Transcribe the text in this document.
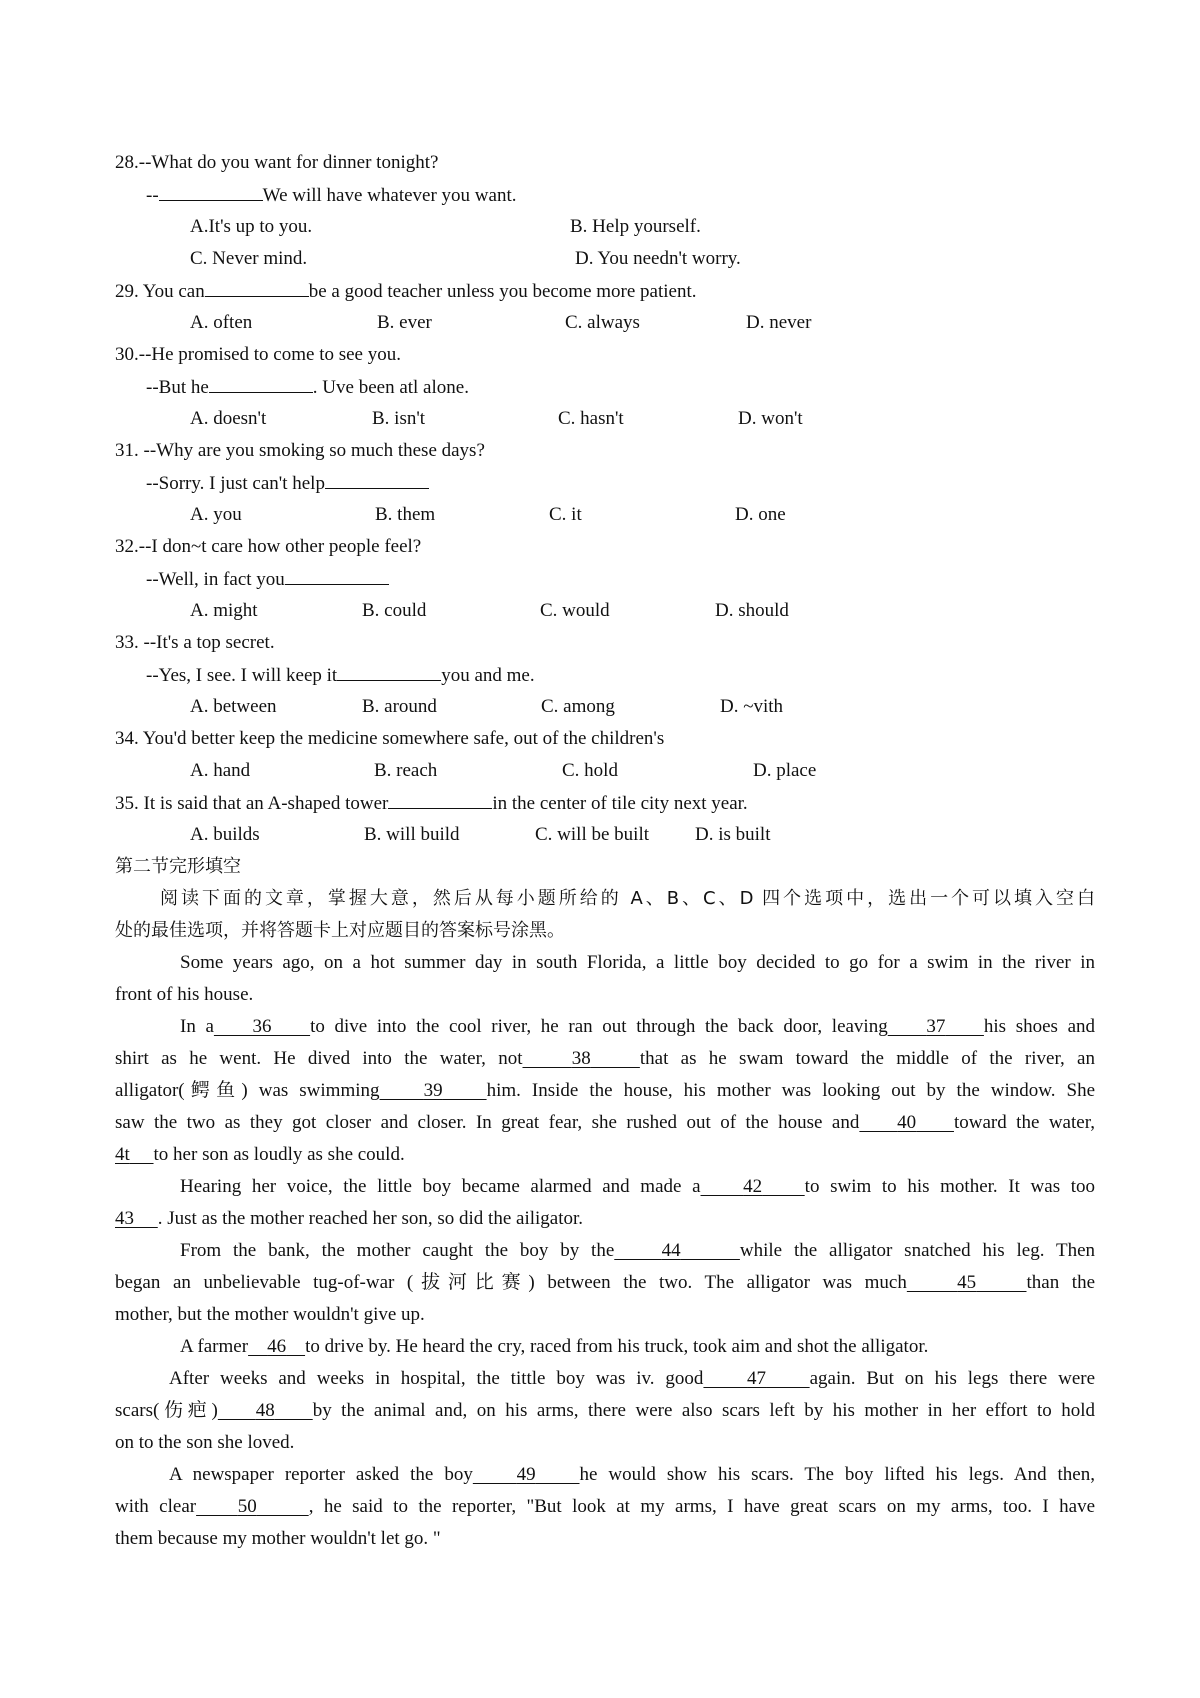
28.--What do you want for dinner tonight?
--	We will have whatever you want.
A.It's up to you.	B. Help yourself.
C. Never mind.	D. You needn't worry.
29. You can	be a good teacher unless you become more patient.
A. often	B. ever	C. always	D. never
30.--He promised to come to see you.
--But he	. Uve been atl alone.
A. doesn't	B. isn't	C. hasn't	D. won't
31. --Why are you smoking so much these days?
--Sorry. I just can't help
A. you	B. them	C. it	D. one
32.--I don~t care how other people feel?
--Well, in fact you
A. might	B. could	C. would	D. should
33. --It's a top secret.
--Yes, I see. I will keep it	you and me.
A. between	B. around	C. among	D. ~vith
34. You'd better keep the medicine somewhere safe, out of the children's
A. hand	B. reach	C. hold	D. place
35. It is said that an A-shaped tower	in the center of tile city next year.
A. builds	B. will build	C. will be built D. is built
第二节完形填空
阅读下面的文章，掌握大意，然后从每小题所给的 A、B、C、D 四个选项中，选出一个可以填入空白
处的最佳选项，并将答题卡上对应题目的答案标号涂黑。
Some years ago, on a hot summer day in south Florida, a little boy decided to go for a swim in the river in
front of his house.
In a 36 to dive into the cool river, he ran out through the back door, leaving 37 his shoes and
shirt as he went. He dived into the water, not	38	that as he swam toward the middle of the river, an
alligator(鳄鱼) was swimming 39 him. Inside the house, his mother was looking out by the window. She
saw the two as they got closer and closer. In great fear, she rushed out of the house and 40 toward the water,
4t to her son as loudly as she could.
Hearing her voice, the little boy became alarmed and made a 42 to swim to his mother. It was too
43 . Just as the mother reached her son, so did the ailigator.
From the bank, the mother caught the boy by the 44	while the alligator snatched his leg. Then
began an unbelievable tug-of-war (拔河比赛) between the two. The alligator was much	45	than the
mother, but the mother wouldn't give up.
A farmer 46 to drive by. He heard the cry, raced from his truck, took aim and shot the alligator.
After weeks and weeks in hospital, the tittle boy was iv. good 47 again. But on his legs there were
scars(伤疤) 48 by the animal and, on his arms, there were also scars left by his mother in her effort to hold
on to the son she loved.
A newspaper reporter asked the boy 49 he would show his scars. The boy lifted his legs. And then,
with clear 50	, he said to the reporter, "But look at my arms, I have great scars on my arms, too. I have
them because my mother wouldn't let go. "
